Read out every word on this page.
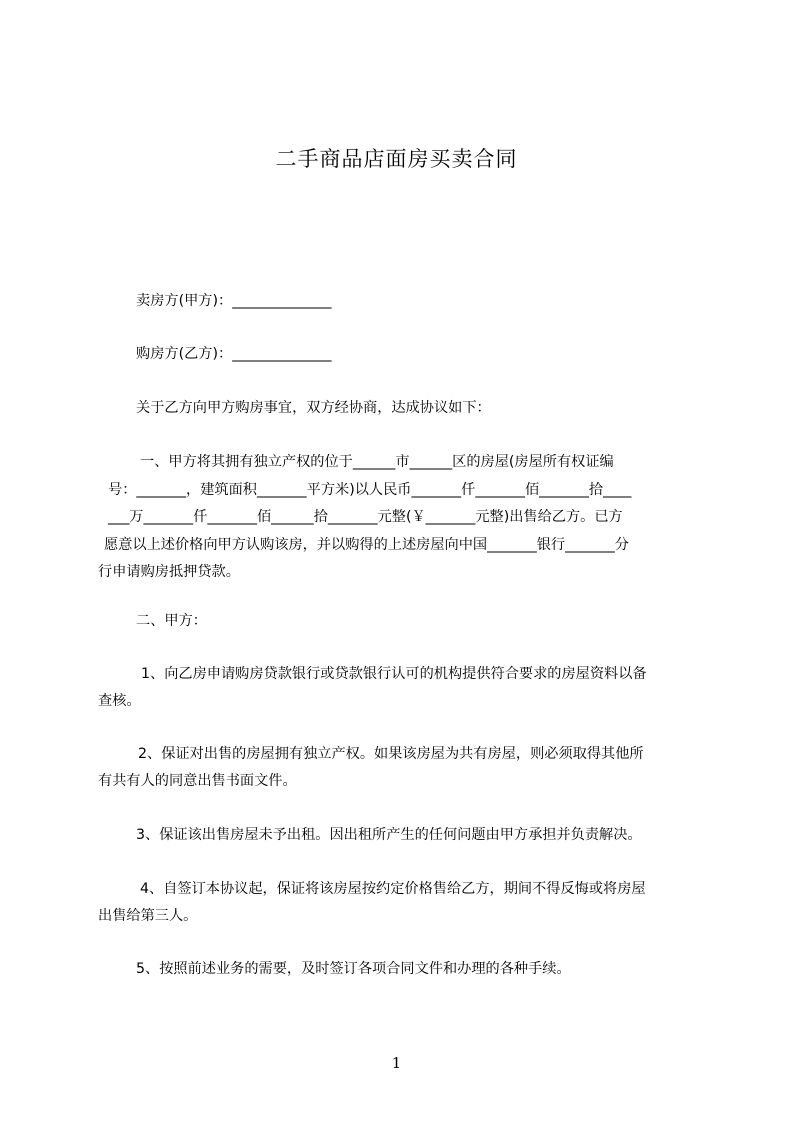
二手商品店面房买卖合同
卖房方(甲方)：______________
购房方(乙方)：______________
关于乙方向甲方购房事宜，双方经协商，达成协议如下：
一、甲方将其拥有独立产权的位于______市______区的房屋(房屋所有权证编
号：_______，建筑面积_______平方米)以人民币_______仟_______佰_______拾____
___万_______仟_______佰______拾_______元整(￥_______元整)出售给乙方。已方
愿意以上述价格向甲方认购该房，并以购得的上述房屋向中国_______银行_______分
行申请购房抵押贷款。
二、甲方：
1、向乙房申请购房贷款银行或贷款银行认可的机构提供符合要求的房屋资料以备
查核。
2、保证对出售的房屋拥有独立产权。如果该房屋为共有房屋，则必须取得其他所
有共有人的同意出售书面文件。
3、保证该出售房屋未予出租。因出租所产生的任何问题由甲方承担并负责解决。
4、自签订本协议起，保证将该房屋按约定价格售给乙方，期间不得反悔或将房屋
出售给第三人。
5、按照前述业务的需要，及时签订各项合同文件和办理的各种手续。
1
